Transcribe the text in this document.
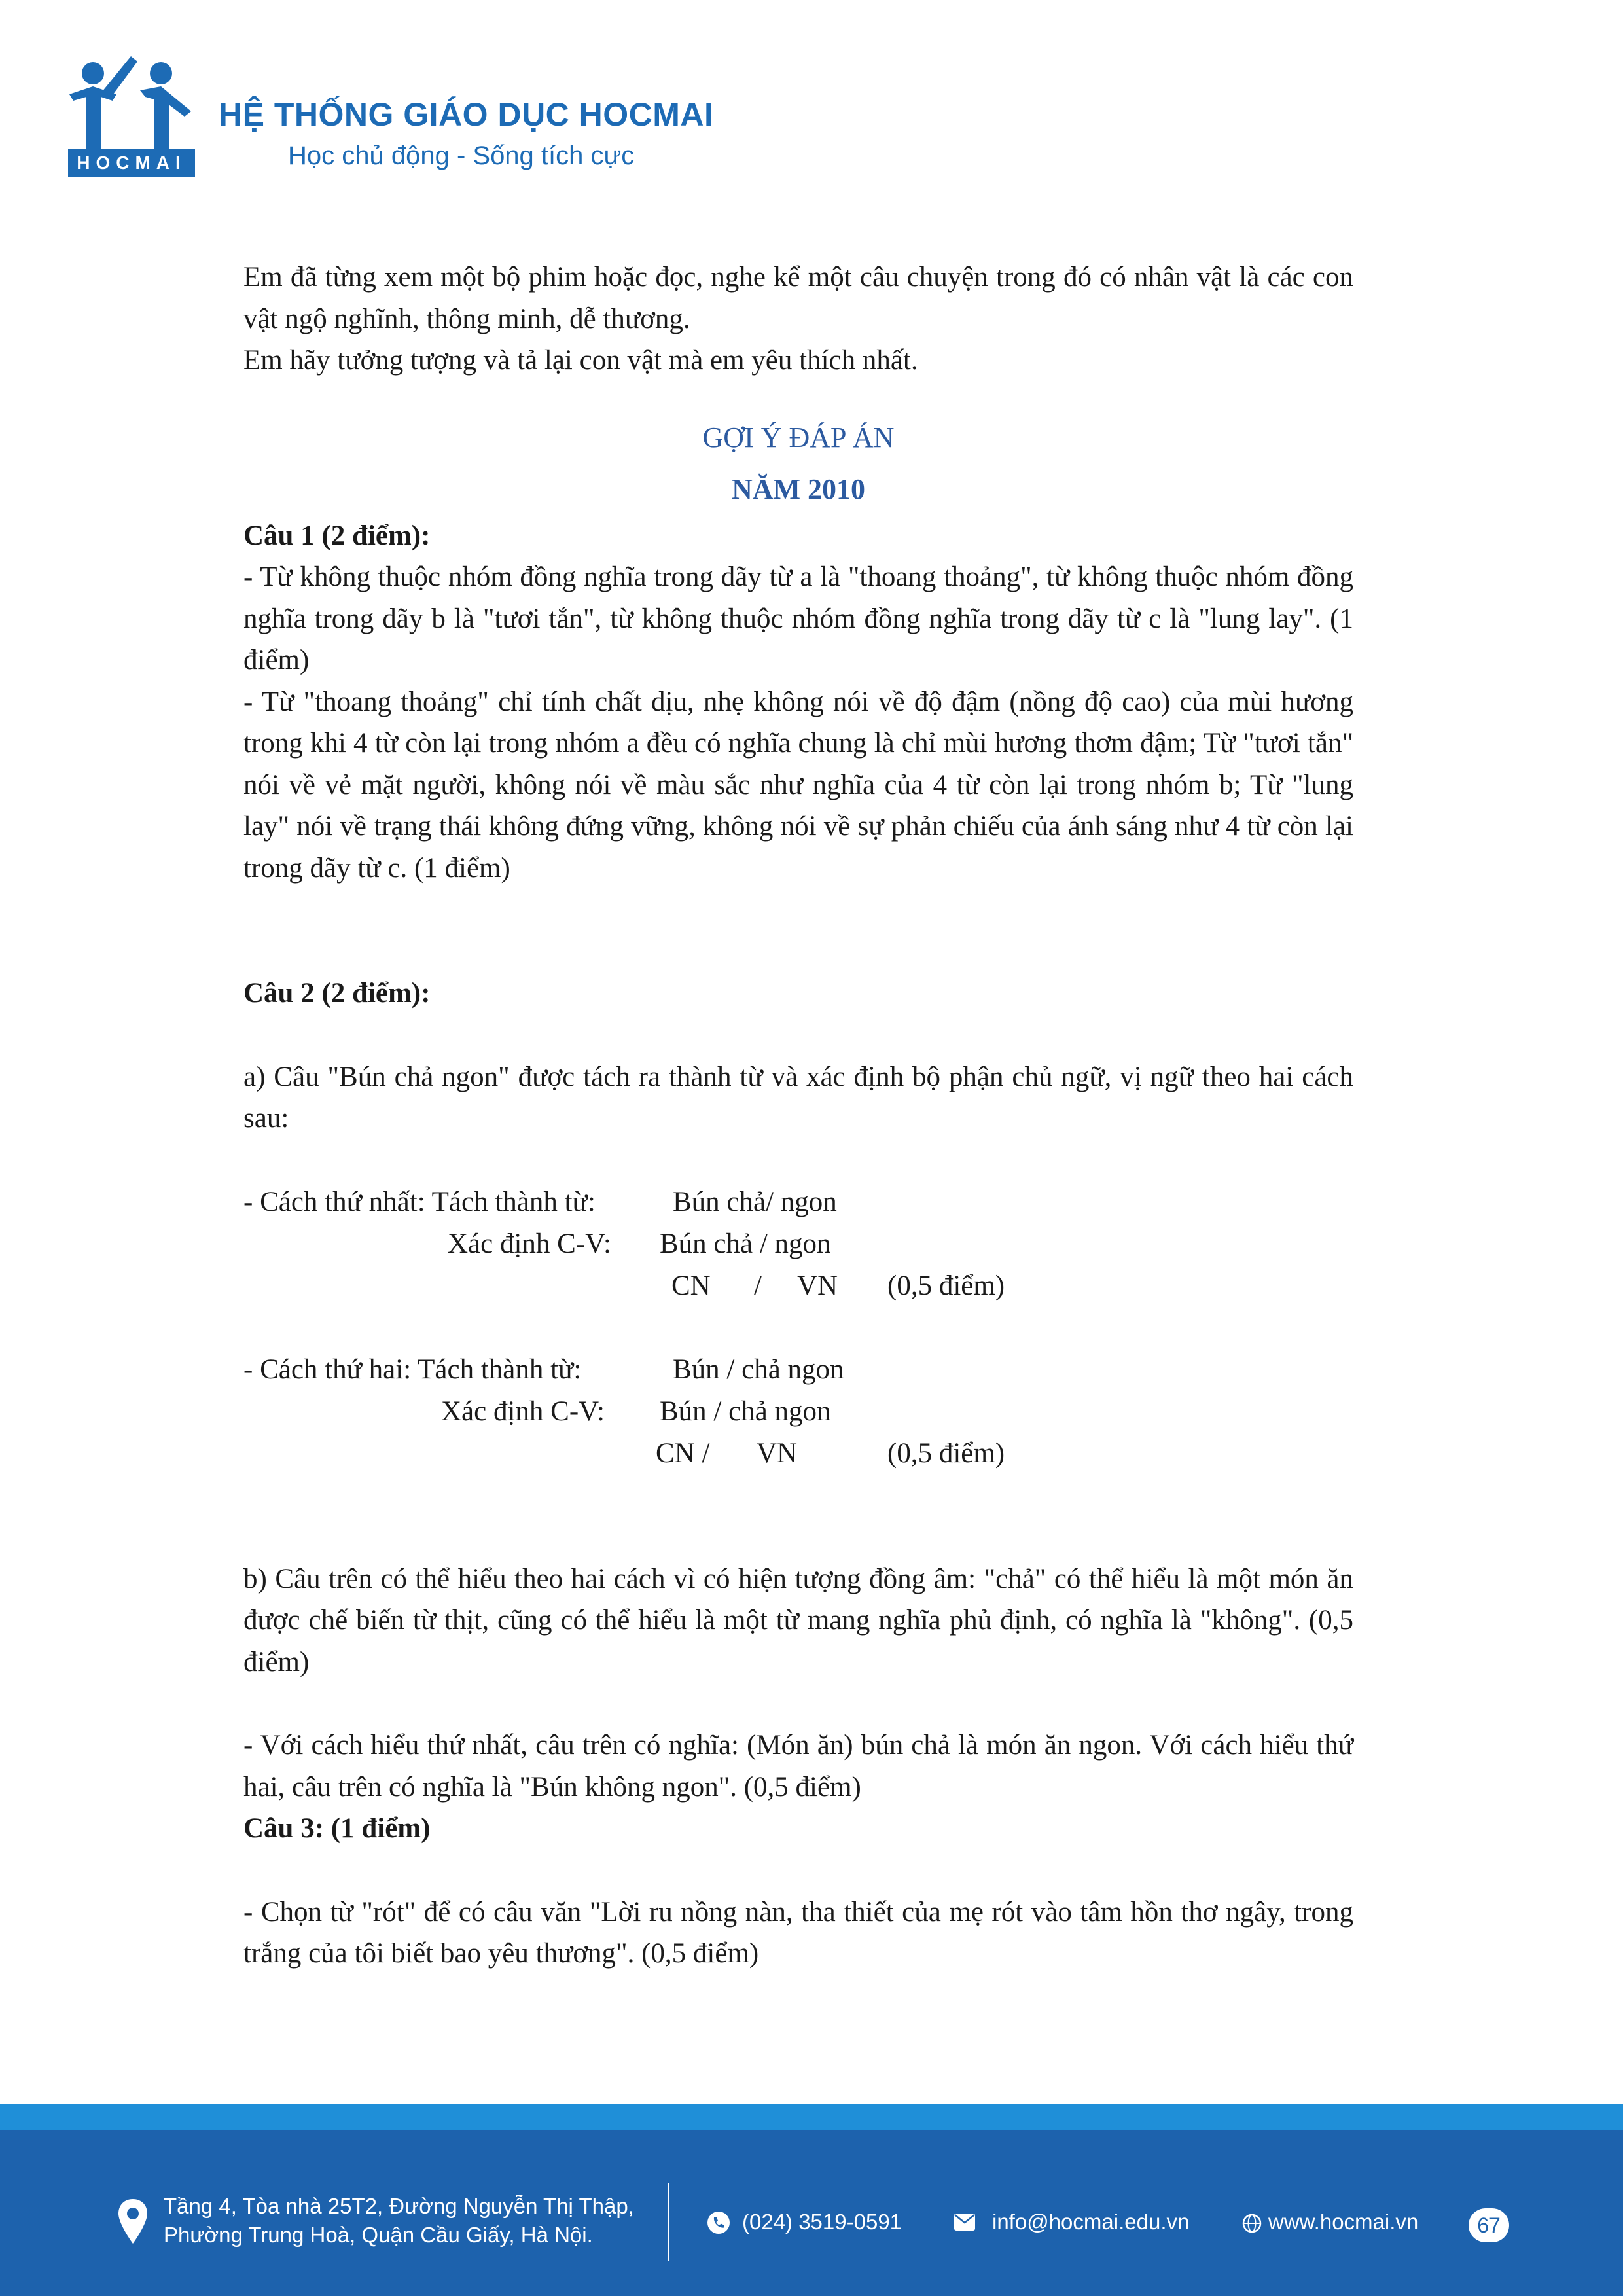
HOCMAI
HỆ THỐNG GIÁO DỤC HOCMAI
Học chủ động - Sống tích cực

Em đã từng xem một bộ phim hoặc đọc, nghe kể một câu chuyện trong đó có nhân vật là các con vật ngộ nghĩnh, thông minh, dễ thương.

Em hãy tưởng tượng và tả lại con vật mà em yêu thích nhất.

GỢI Ý ĐÁP ÁN

NĂM 2010

Câu 1 (2 điểm):

- Từ không thuộc nhóm đồng nghĩa trong dãy từ a là "thoang thoảng", từ không thuộc nhóm đồng nghĩa trong dãy b là "tươi tắn", từ không thuộc nhóm đồng nghĩa trong dãy từ c là "lung lay". (1 điểm)

- Từ "thoang thoảng" chỉ tính chất dịu, nhẹ không nói về độ đậm (nồng độ cao) của mùi hương trong khi 4 từ còn lại trong nhóm a đều có nghĩa chung là chỉ mùi hương thơm đậm; Từ "tươi tắn" nói về vẻ mặt người, không nói về màu sắc như nghĩa của 4 từ còn lại trong nhóm b; Từ "lung lay" nói về trạng thái không đứng vững, không nói về sự phản chiếu của ánh sáng như 4 từ còn lại trong dãy từ c. (1 điểm)

Câu 2 (2 điểm):

a) Câu "Bún chả ngon" được tách ra thành từ và xác định bộ phận chủ ngữ, vị ngữ theo hai cách sau:

- Cách thứ nhất: Tách thành từ:	Bún chả/ ngon
Xác định C-V: Bún chả / ngon
CN / VN (0,5 điểm)
- Cách thứ hai: Tách thành từ:	Bún / chả ngon
Xác định C-V: Bún / chả ngon
CN / VN	(0,5 điểm)

b) Câu trên có thể hiểu theo hai cách vì có hiện tượng đồng âm: "chả" có thể hiểu là một món ăn được chế biến từ thịt, cũng có thể hiểu là một từ mang nghĩa phủ định, có nghĩa là "không". (0,5 điểm)

- Với cách hiểu thứ nhất, câu trên có nghĩa: (Món ăn) bún chả là món ăn ngon. Với cách hiểu thứ hai, câu trên có nghĩa là "Bún không ngon". (0,5 điểm)

Câu 3: (1 điểm)

- Chọn từ "rót" để có câu văn "Lời ru nồng nàn, tha thiết của mẹ rót vào tâm hồn thơ ngây, trong trắng của tôi biết bao yêu thương". (0,5 điểm)

Tầng 4, Tòa nhà 25T2, Đường Nguyễn Thị Thập,
Phường Trung Hoà, Quận Cầu Giấy, Hà Nội.
(024) 3519-0591	info@hocmai.edu.vn	www.hocmai.vn	67
